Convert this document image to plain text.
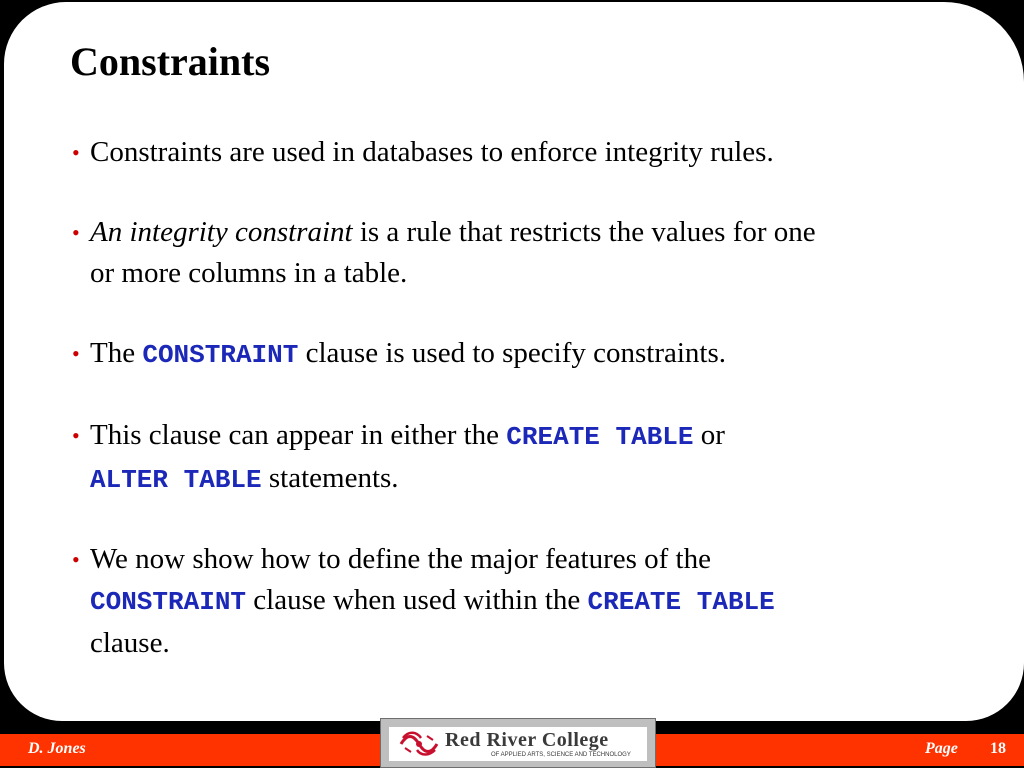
Constraints
• Constraints are used in databases to enforce integrity rules.
• An integrity constraint is a rule that restricts the values for one
or more columns in a table.
• The CONSTRAINT clause is used to specify constraints.
• This clause can appear in either the CREATE TABLE or
ALTER TABLE statements.
• We now show how to define the major features of the
CONSTRAINT clause when used within the CREATE TABLE
clause.
D. Jones	Page 18
Red River College
OF APPLIED ARTS, SCIENCE AND TECHNOLOGY
